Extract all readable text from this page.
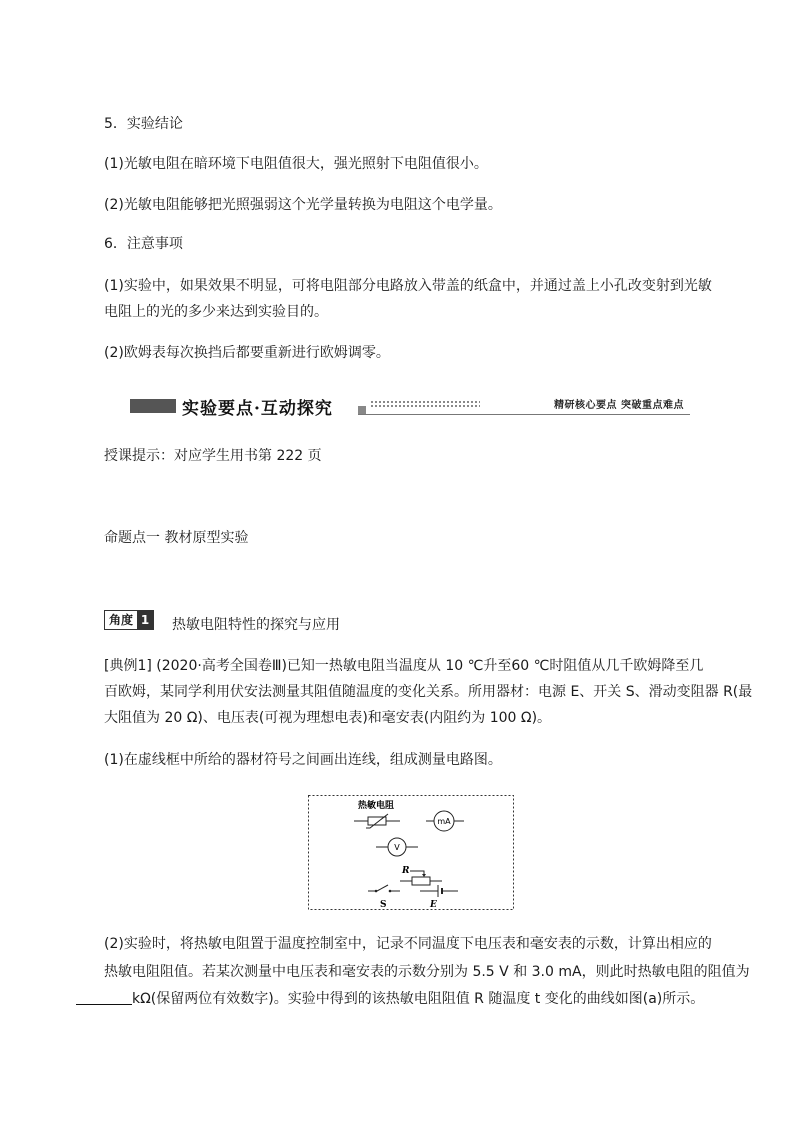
5．实验结论
(1)光敏电阻在暗环境下电阻值很大，强光照射下电阻值很小。
(2)光敏电阻能够把光照强弱这个光学量转换为电阻这个电学量。
6．注意事项
(1)实验中，如果效果不明显，可将电阻部分电路放入带盖的纸盒中，并通过盖上小孔改变射到光敏
电阻上的光的多少来达到实验目的。
(2)欧姆表每次换挡后都要重新进行欧姆调零。
实验要点·互动探究	精研核心要点 突破重点难点
授课提示：对应学生用书第 222 页
命题点一 教材原型实验
角度 1 热敏电阻特性的探究与应用
[典例1] (2020·高考全国卷Ⅲ)已知一热敏电阻当温度从 10 ℃升至60 ℃时阻值从几千欧姆降至几
百欧姆，某同学利用伏安法测量其阻值随温度的变化关系。所用器材：电源 E、开关 S、滑动变阻器 R(最
大阻值为 20 Ω)、电压表(可视为理想电表)和毫安表(内阻约为 100 Ω)。
(1)在虚线框中所给的器材符号之间画出连线，组成测量电路图。
热敏电阻
mA
V
R
S	E
(2)实验时，将热敏电阻置于温度控制室中，记录不同温度下电压表和毫安表的示数，计算出相应的
热敏电阻阻值。若某次测量中电压表和毫安表的示数分别为 5.5 V 和 3.0 mA，则此时热敏电阻的阻值为
kΩ(保留两位有效数字)。实验中得到的该热敏电阻阻值 R 随温度 t 变化的曲线如图(a)所示。
